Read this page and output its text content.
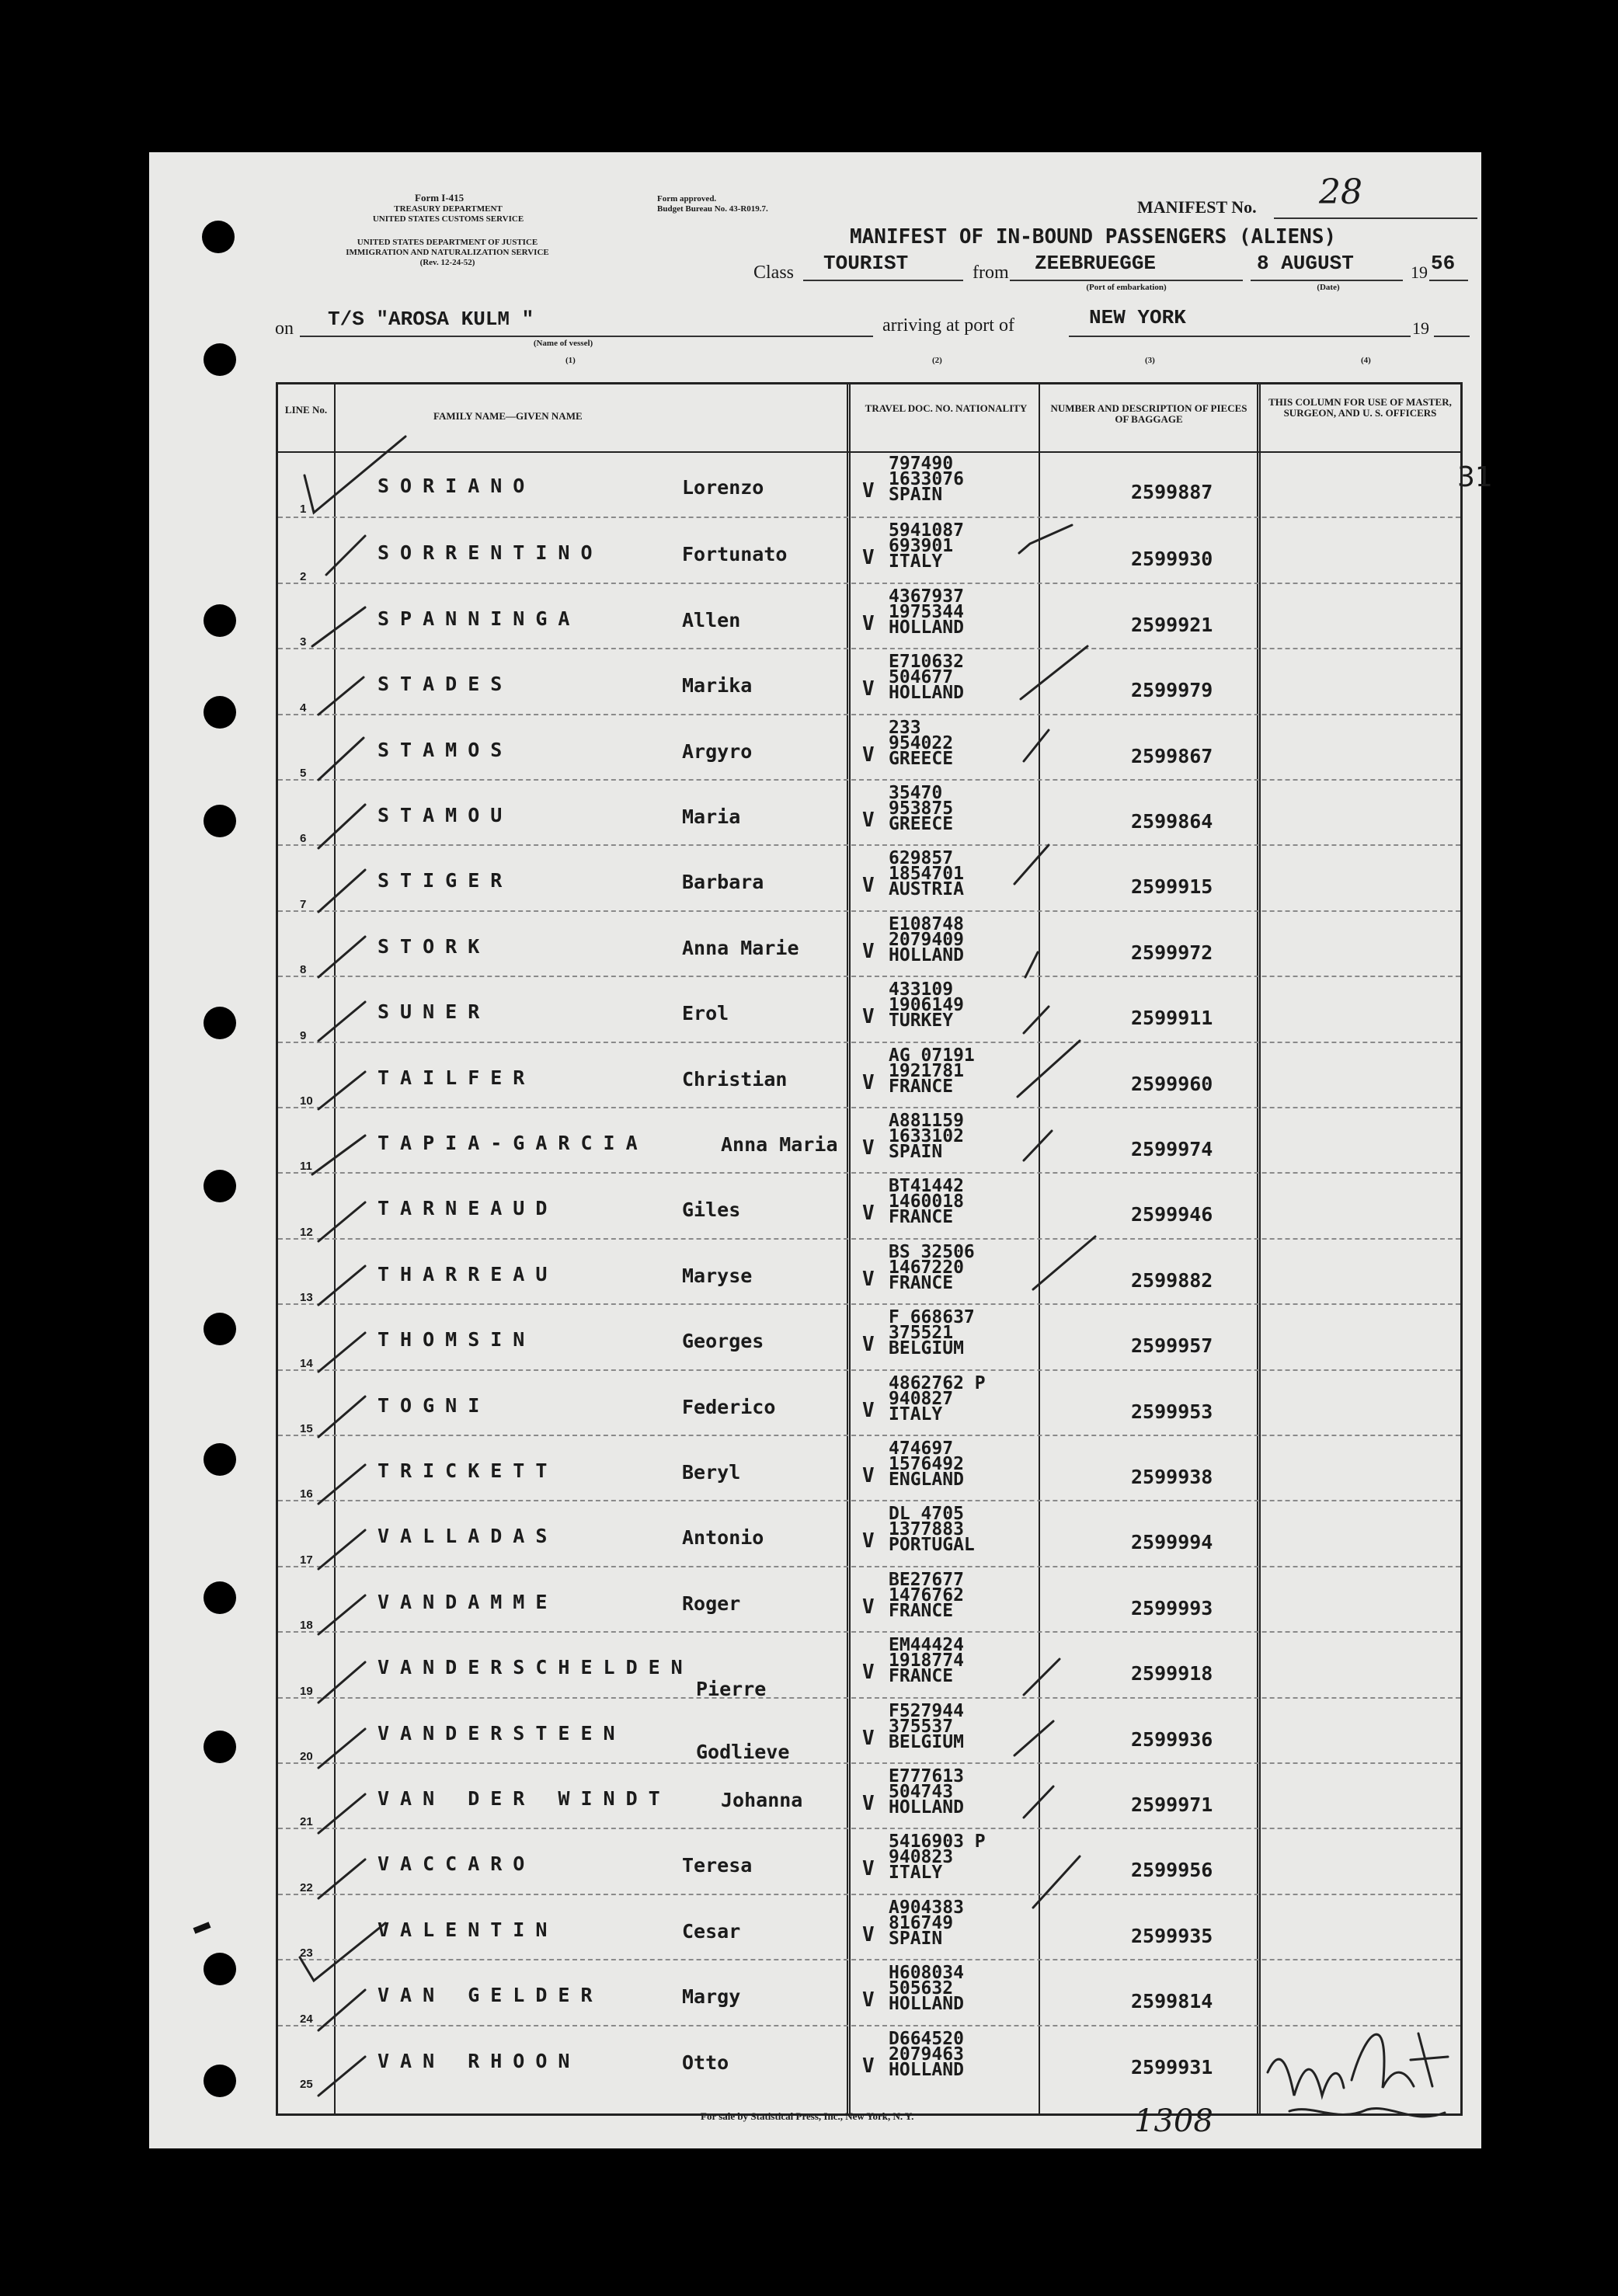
Form I-415
TREASURY DEPARTMENT
UNITED STATES CUSTOMS SERVICE
UNITED STATES DEPARTMENT OF JUSTICE
IMMIGRATION AND NATURALIZATION SERVICE
(Rev. 12-24-52)
Form approved.
Budget Bureau No. 43-R019.7.	MANIFEST No. 28
MANIFEST OF IN-BOUND PASSENGERS (ALIENS)
Class TOURIST	from ZEEBRUEGGE
(Port of embarkation)
8 AUGUST
(Date)
19 56
on T/S "AROSA KULM "
(Name of vessel)
arriving at port of	NEW YORK	19
(1)	(2)	(3)	(4)
31
LINE No.
FAMILY NAME—GIVEN NAME
TRAVEL DOC. NO. NATIONALITY	NUMBER AND DESCRIPTION OF PIECES OF BAGGAGE
THIS COLUMN FOR USE OF MASTER, SURGEON, AND U. S. OFFICERS
1
SORIANO	Lorenzo	V
797490
1633076
SPAIN	2599887
2
SORRENTINO	Fortunato	V
5941087
693901
ITALY	2599930
3
SPANNINGA	Allen	V
4367937
1975344
HOLLAND	2599921
4
STADES	Marika	V
E710632
504677
HOLLAND	2599979
5
STAMOS	Argyro	V
233
954022
GREECE	2599867
6
STAMOU	Maria	V
35470
953875
GREECE	2599864
7
STIGER	Barbara	V
629857
1854701
AUSTRIA	2599915
8
STORK	Anna Marie	V
E108748
2079409
HOLLAND	2599972
9
SUNER	Erol	V
433109
1906149
TURKEY	2599911
10
TAILFER	Christian	V
AG 07191
1921781
FRANCE	2599960
11
TAPIA-GARCIA	Anna Maria V
A881159
1633102
SPAIN	2599974
12
TARNEAUD	Giles	V
BT41442
1460018
FRANCE	2599946
13
THARREAU	Maryse	V
BS 32506
1467220
FRANCE	2599882
14
THOMSIN	Georges	V
F 668637
375521
BELGIUM	2599957
15
TOGNI	Federico	V
4862762 P
940827
ITALY	2599953
16
TRICKETT	Beryl	V
474697
1576492
ENGLAND	2599938
17
VALLADAS	Antonio	V
DL 4705
1377883
PORTUGAL	2599994
18
VANDAMME	Roger	V
BE27677
1476762
FRANCE	2599993
19
VANDERSCHELDEN
Pierre
V
EM44424
1918774
FRANCE	2599918
20
VANDERSTEEN
Godlieve
V
F527944
375537
BELGIUM	2599936
21
VAN DER WINDT	Johanna	V
E777613
504743
HOLLAND	2599971
22
VACCARO	Teresa	V
5416903 P
940823
ITALY	2599956
23
VALENTIN	Cesar	V
A904383
816749
SPAIN	2599935
24
VAN GELDER	Margy	V
H608034
505632
HOLLAND	2599814
25
VAN RHOON	Otto	V
D664520
2079463
HOLLAND	2599931
For sale by Statistical Press, Inc., New York, N. Y.	1308
